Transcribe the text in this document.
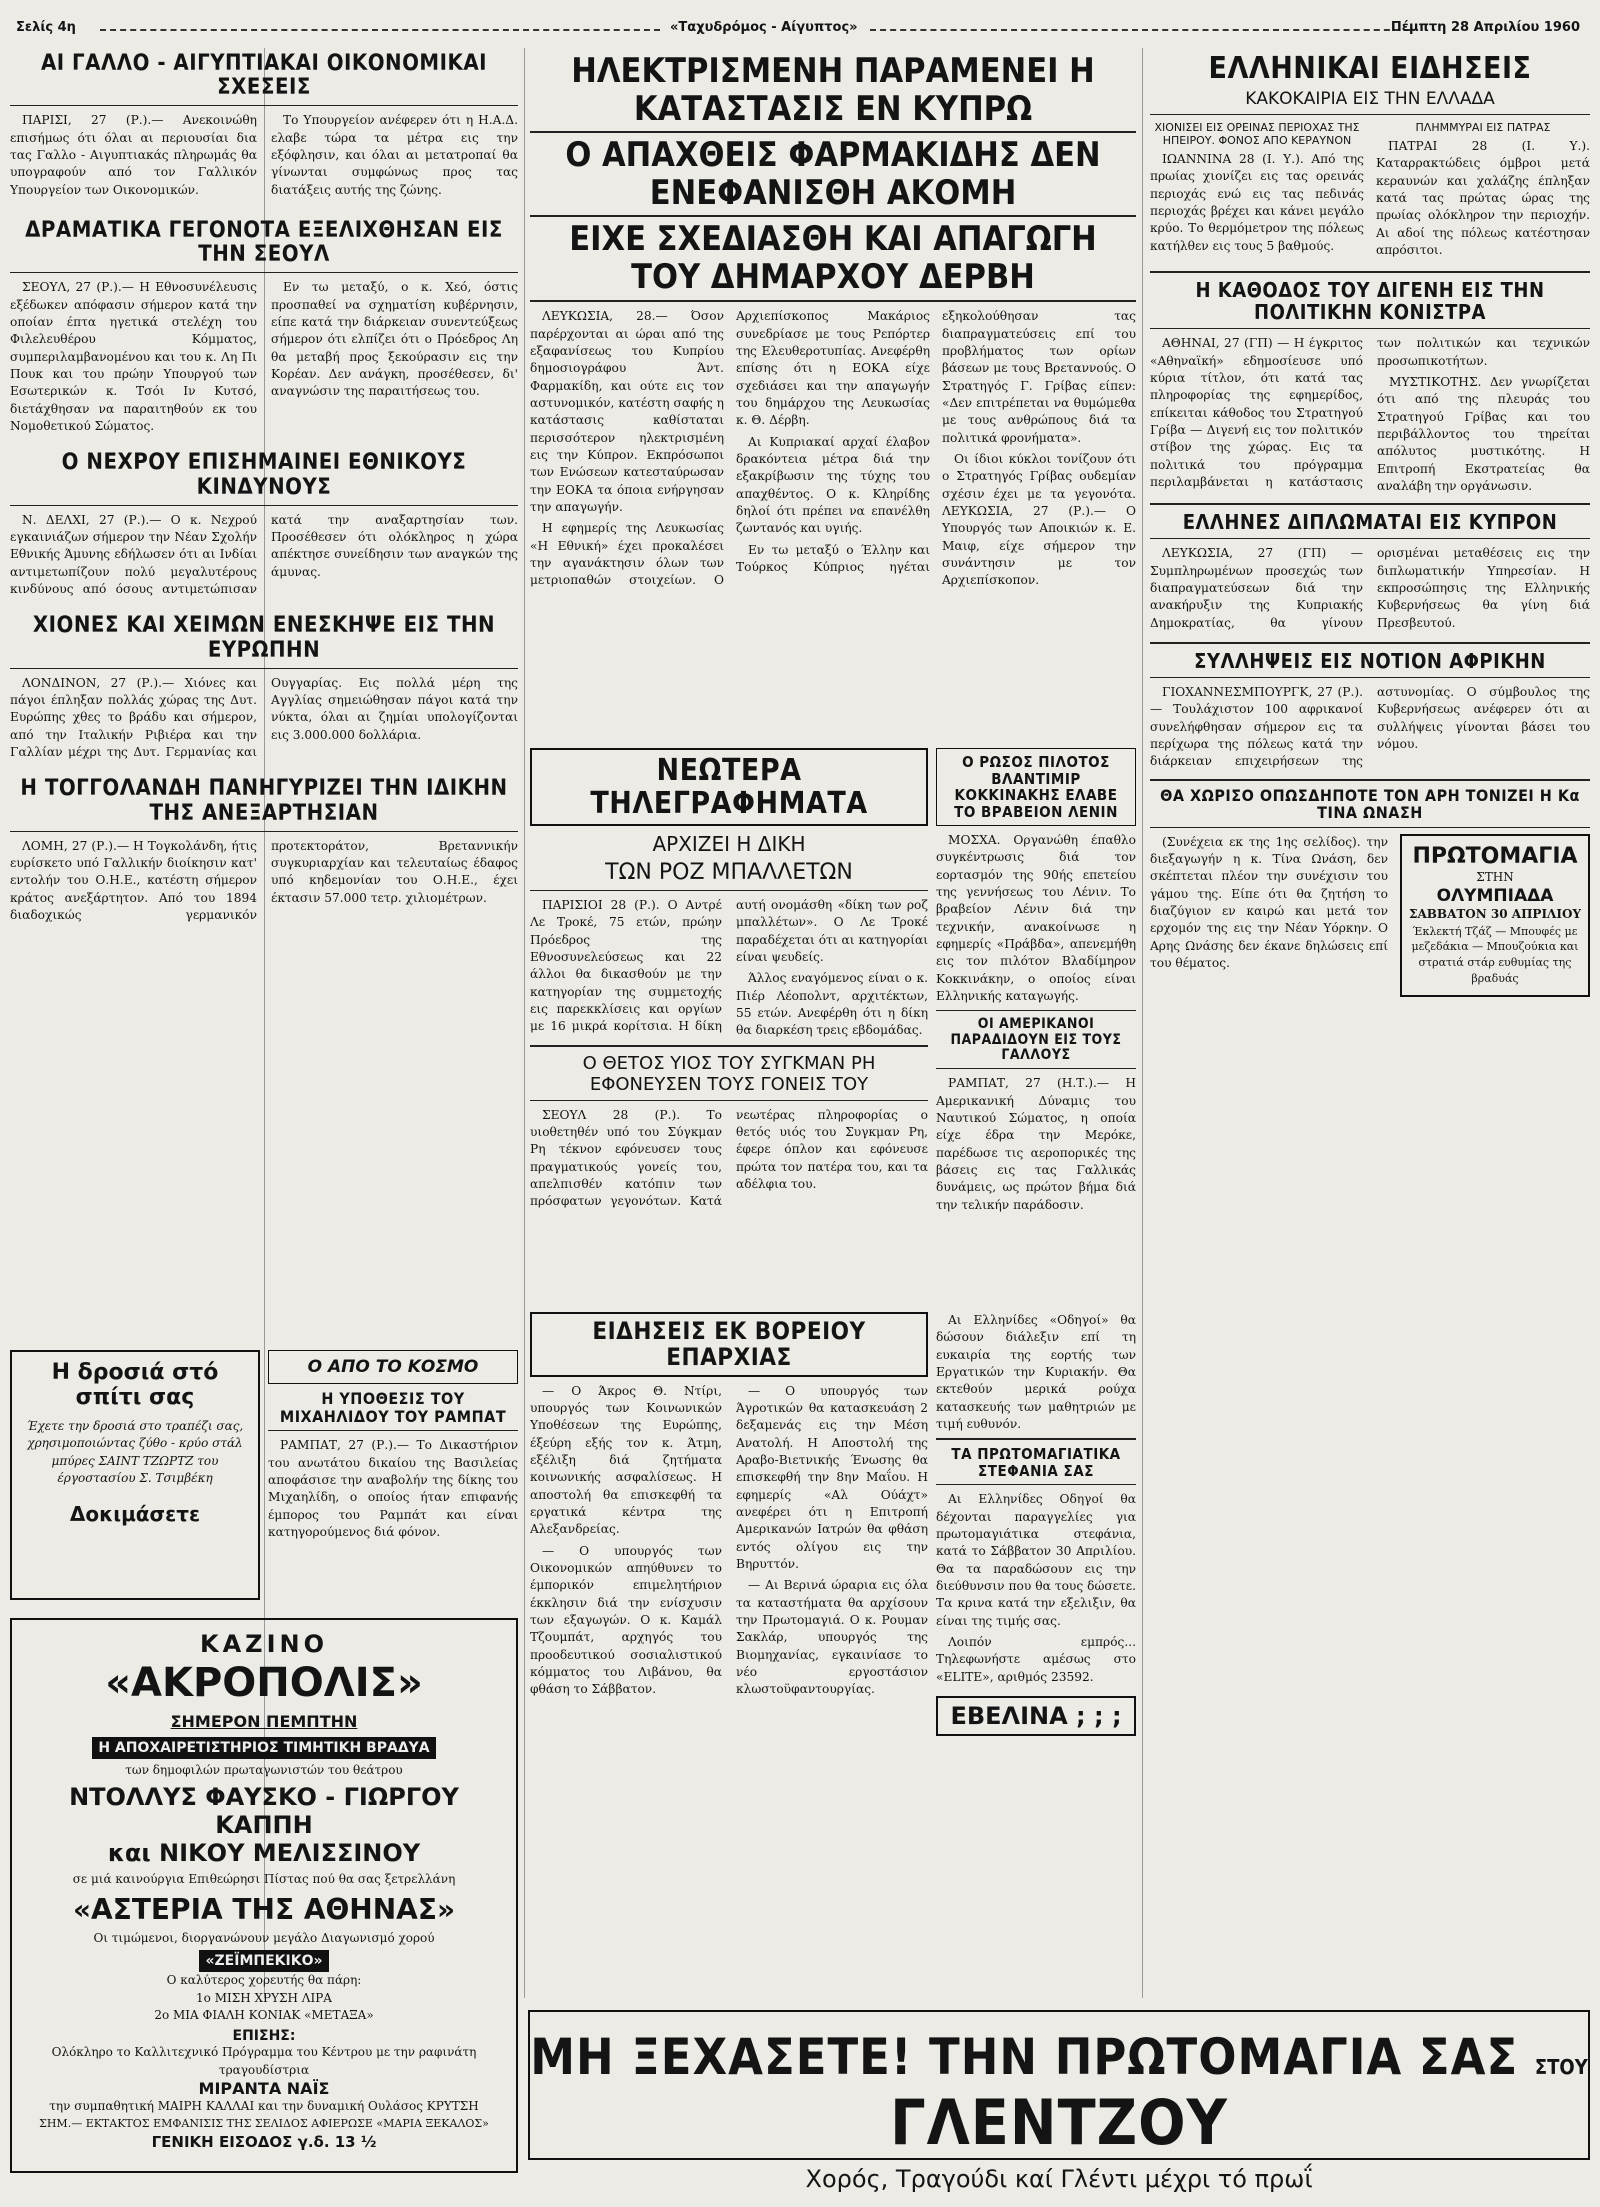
Σελίς 4η	«Ταχυδρόμος - Αίγυπτος»	Πέμπτη 28 Απριλίου 1960
ΑΙ ΓΑΛΛΟ - ΑΙΓΥΠΤΙΑΚΑΙ ΟΙΚΟΝΟΜΙΚΑΙ ΣΧΕΣΕΙΣ

ΠΑΡΙΣΙ, 27 (Ρ.).— Ανεκοινώθη επισήμως ότι όλαι αι περιουσίαι δια τας Γαλλο - Αιγυπτιακάς πληρωμάς θα υπογραφούν από τον Γαλλικόν Υπουργείον των Οικονομικών.

Το Υπουργείον ανέφερεν ότι η Η.Α.Δ. ελαβε τώρα τα μέτρα εις την εξόφλησιν, και όλαι αι μετατροπαί θα γίνωνται συμφώνως προς τας διατάξεις αυτής της ζώνης.

ΔΡΑΜΑΤΙΚΑ ΓΕΓΟΝΟΤΑ ΕΞΕΛΙΧΘΗΣΑΝ ΕΙΣ ΤΗΝ ΣΕΟΥΛ

ΣΕΟΥΛ, 27 (Ρ.).— Η Εθνοσυνέλευσις εξέδωκεν απόφασιν σήμερον κατά την οποίαν έπτα ηγετικά στελέχη του Φιλελευθέρου Κόμματος, συμπεριλαμβανομένου και του κ. Λη Πι Πουκ και του πρώην Υπουργού των Εσωτερικών κ. Τσόι Ιν Κυτσό, διετάχθησαν να παραιτηθούν εκ του Νομοθετικού Σώματος.

Εν τω μεταξύ, ο κ. Χεό, όστις προσπαθεί να σχηματίση κυβέρνησιν, είπε κατά την διάρκειαν συνεντεύξεως σήμερον ότι ελπίζει ότι ο Πρόεδρος Λη θα μεταβή προς ξεκούρασιν εις την Κορέαν. Δεν ανάγκη, προσέθεσεν, δι' αναγνώσιν της παραιτήσεως του.

Ο ΝΕΧΡΟΥ ΕΠΙΣΗΜΑΙΝΕΙ ΕΘΝΙΚΟΥΣ ΚΙΝΔΥΝΟΥΣ

Ν. ΔΕΛΧΙ, 27 (Ρ.).— Ο κ. Νεχρού εγκαινιάζων σήμερον την Νέαν Σχολήν Εθνικής Άμυνης εδήλωσεν ότι αι Ινδίαι αντιμετωπίζουν πολύ μεγαλυτέρους κινδύνους από όσους αντιμετώπισαν κατά την αναξαρτησίαν των. Προσέθεσεν ότι ολόκληρος η χώρα απέκτησε συνείδησιν των αναγκών της άμυνας.

ΧΙΟΝΕΣ ΚΑΙ ΧΕΙΜΩΝ ΕΝΕΣΚΗΨΕ ΕΙΣ ΤΗΝ ΕΥΡΩΠΗΝ

ΛΟΝΔΙΝΟΝ, 27 (Ρ.).— Χιόνες και πάγοι έπληξαν πολλάς χώρας της Δυτ. Ευρώπης χθες το βράδυ και σήμερον, από την Ιταλικήν Ριβιέρα και την Γαλλίαν μέχρι της Δυτ. Γερμανίας και Ουγγαρίας. Εις πολλά μέρη της Αγγλίας σημειώθησαν πάγοι κατά την νύκτα, όλαι αι ζημίαι υπολογίζονται εις 3.000.000 δολλάρια.

Η ΤΟΓΓΟΛΑΝΔΗ ΠΑΝΗΓΥΡΙΖΕΙ ΤΗΝ ΙΔΙΚΗΝ ΤΗΣ ΑΝΕΞΑΡΤΗΣΙΑΝ

ΛΟΜΗ, 27 (Ρ.).— Η Τογκολάνδη, ήτις ευρίσκετο υπό Γαλλικήν διοίκησιν κατ' εντολήν του Ο.Η.Ε., κατέστη σήμερον κράτος ανεξάρτητον. Από του 1894 διαδοχικώς γερμανικόν προτεκτοράτον, Βρεταννικήν συγκυριαρχίαν και τελευταίως έδαφος υπό κηδεμονίαν του Ο.Η.Ε., έχει έκτασιν 57.000 τετρ. χιλιομέτρων.

Η δροσιά στό σπίτι σας
Έχετε την δροσιά στο τραπέζι σας, χρησιμοποιώντας ζύθο - κρύο στάλ μπύρες ΣΑΙΝΤ ΤΖΩΡΤΖ του έργοστασίου Σ. Τσιμβέκη
Δοκιμάσετε
Ο ΑΠΟ ΤΟ ΚΟΣΜΟ
Η ΥΠΟΘΕΣΙΣ ΤΟΥ ΜΙΧΑΗΛΙΔΟΥ ΤΟΥ ΡΑΜΠΑΤ

ΡΑΜΠΑΤ, 27 (Ρ.).— Το Δικαστήριον του ανωτάτου δικαίου της Βασιλείας αποφάσισε την αναβολήν της δίκης του Μιχαηλίδη, ο οποίος ήταν επιφανής έμπορος του Ραμπάτ και είναι κατηγορούμενος διά φόνον.

ΚΑΖΙΝΟ
«ΑΚΡΟΠΟΛΙΣ»
ΣΗΜΕΡΟΝ ΠΕΜΠΤΗΝ
Η ΑΠΟΧΑΙΡΕΤΙΣΤΗΡΙΟΣ ΤΙΜΗΤΙΚΗ ΒΡΑΔΥΑ
των δημοφιλών πρωταγωνιστών του θεάτρου
ΝΤΟΛΛΥΣ ΦΑΥΣΚΟ - ΓΙΩΡΓΟΥ ΚΑΠΠΗ
και ΝΙΚΟΥ ΜΕΛΙΣΣΙΝΟΥ
σε μιά καινούργια Επιθεώρησι Πίστας πού θα σας ξετρελλάνη
«ΑΣΤΕΡΙΑ ΤΗΣ ΑΘΗΝΑΣ»
Οι τιμώμενοι, διοργανώνουν μεγάλο Διαγωνισμό χορού
«ΖΕΪΜΠΕΚΙΚΟ»
Ο καλύτερος χορευτής θα πάρη:
1ο ΜΙΣΗ ΧΡΥΣΗ ΛΙΡΑ
2ο ΜΙΑ ΦΙΑΛΗ ΚΟΝΙΑΚ «ΜΕΤΑΞΑ»
ΕΠΙΣΗΣ:
Ολόκληρο το Καλλιτεχνικό Πρόγραμμα του Κέντρου με την ραφινάτη τραγουδίστρια
ΜΙΡΑΝΤΑ ΝΑΪΣ
την συμπαθητική ΜΑΙΡΗ ΚΑΛΛΑΙ και την δυναμική Ουλάσος ΚΡΥΤΣΗ
ΣΗΜ.— ΕΚΤΑΚΤΟΣ ΕΜΦΑΝΙΣΙΣ ΤΗΣ ΣΕΛΙΔΟΣ ΑΦΙΕΡΩΣΕ «ΜΑΡΙΑ ΞΕΚΑΛΟΣ»
ΓΕΝΙΚΗ ΕΙΣΟΔΟΣ γ.δ. 13 ½
ΗΛΕΚΤΡΙΣΜΕΝΗ ΠΑΡΑΜΕΝΕΙ Η ΚΑΤΑΣΤΑΣΙΣ ΕΝ ΚΥΠΡΩ
Ο ΑΠΑΧΘΕΙΣ ΦΑΡΜΑΚΙΔΗΣ ΔΕΝ ΕΝΕΦΑΝΙΣΘΗ ΑΚΟΜΗ
ΕΙΧΕ ΣΧΕΔΙΑΣΘΗ ΚΑΙ ΑΠΑΓΩΓΗ ΤΟΥ ΔΗΜΑΡΧΟΥ ΔΕΡΒΗ

ΛΕΥΚΩΣΙΑ, 28.— Όσον παρέρχονται αι ώραι από της εξαφανίσεως του Κυπρίου δημοσιογράφου Άντ. Φαρμακίδη, και ούτε εις τον αστυνομικόν, κατέστη σαφής η κατάστασις καθίσταται περισσότερον ηλεκτρισμένη εις την Κύπρον. Εκπρόσωποι των Ενώσεων κατεσταύρωσαν την ΕΟΚΑ τα όποια ενήργησαν την απαγωγήν.

Η εφημερίς της Λευκωσίας «Η Εθνική» έχει προκαλέσει την αγανάκτησιν όλων των μετριοπαθών στοιχείων. Ο Αρχιεπίσκοπος Μακάριος συνεδρίασε με τους Ρεπόρτερ της Ελευθεροτυπίας. Ανεφέρθη επίσης ότι η ΕΟΚΑ είχε σχεδιάσει και την απαγωγήν του δημάρχου της Λευκωσίας κ. Θ. Δέρβη.

Αι Κυπριακαί αρχαί έλαβον δρακόντεια μέτρα διά την εξακρίβωσιν της τύχης του απαχθέντος. Ο κ. Κληρίδης δηλοί ότι πρέπει να επανέλθη ζωντανός και υγιής.

Εν τω μεταξύ ο Έλλην και Τούρκος Κύπριος ηγέται εξηκολούθησαν τας διαπραγματεύσεις επί του προβλήματος των ορίων βάσεων με τους Βρεταννούς. Ο Στρατηγός Γ. Γρίβας είπεν: «Δεν επιτρέπεται να θυμώμεθα με τους ανθρώπους διά τα πολιτικά φρονήματα».

Οι ίδιοι κύκλοι τονίζουν ότι ο Στρατηγός Γρίβας ουδεμίαν σχέσιν έχει με τα γεγονότα. ΛΕΥΚΩΣΙΑ, 27 (Ρ.).— Ο Υπουργός των Αποικιών κ. Ε. Μαιφ, είχε σήμερον την συνάντησιν με τον Αρχιεπίσκοπον.

ΝΕΩΤΕΡΑ ΤΗΛΕΓΡΑΦΗΜΑΤΑ
ΑΡΧΙΖΕΙ Η ΔΙΚΗ
ΤΩΝ ΡΟΖ ΜΠΑΛΛΕΤΩΝ

ΠΑΡΙΣΙΟΙ 28 (Ρ.). Ο Αντρέ Λε Τροκέ, 75 ετών, πρώην Πρόεδρος της Εθνοσυνελεύσεως και 22 άλλοι θα δικασθούν με την κατηγορίαν της συμμετοχής εις παρεκκλίσεις και οργίων με 16 μικρά κορίτσια. Η δίκη αυτή ονομάσθη «δίκη των ροζ μπαλλέτων». Ο Λε Τροκέ παραδέχεται ότι αι κατηγορίαι είναι ψευδείς.

Άλλος εναγόμενος είναι ο κ. Πιέρ Λέοπολντ, αρχιτέκτων, 55 ετών. Ανεφέρθη ότι η δίκη θα διαρκέση τρεις εβδομάδας.

Ο ΘΕΤΟΣ ΥΙΟΣ ΤΟΥ ΣΥΓΚΜΑΝ ΡΗ ΕΦΟΝΕΥΣΕΝ ΤΟΥΣ ΓΟΝΕΙΣ ΤΟΥ

ΣΕΟΥΛ 28 (Ρ.). Το υιοθετηθέν υπό του Σύγκμαν Ρη τέκνον εφόνευσεν τους πραγματικούς γονείς του, απελπισθέν κατόπιν των πρόσφατων γεγονότων. Κατά νεωτέρας πληροφορίας ο θετός υιός του Συγκμαν Ρη, έφερε όπλον και εφόνευσε πρώτα τον πατέρα του, και τα αδέλφια του.

Ο ΡΩΣΟΣ ΠΙΛΟΤΟΣ ΒΛΑΝΤΙΜΙΡ ΚΟΚΚΙΝΑΚΗΣ ΕΛΑΒΕ ΤΟ ΒΡΑΒΕΙΟΝ ΛΕΝΙΝ

ΜΟΣΧΑ. Οργανώθη έπαθλο συγκέντρωσις διά τον εορτασμόν της 90ής επετείου της γεννήσεως του Λένιν. Το βραβείον Λένιν διά την τεχνικήν, ανακοίνωσε η εφημερίς «Πράβδα», απενεμήθη εις τον πιλότον Βλαδίμηρον Κοκκινάκην, ο οποίος είναι Ελληνικής καταγωγής.

ΟΙ ΑΜΕΡΙΚΑΝΟΙ ΠΑΡΑΔΙΔΟΥΝ ΕΙΣ ΤΟΥΣ ΓΑΛΛΟΥΣ

ΡΑΜΠΑΤ, 27 (Η.Τ.).— Η Αμερικανική Δύναμις του Ναυτικού Σώματος, η οποία είχε έδρα την Μερόκε, παρέδωσε τις αεροπορικές της βάσεις εις τας Γαλλικάς δυνάμεις, ως πρώτον βήμα διά την τελικήν παράδοσιν.

ΕΙΔΗΣΕΙΣ ΕΚ ΒΟΡΕΙΟΥ ΕΠΑΡΧΙΑΣ

— Ο Άκρος Θ. Ντίρι, υπουργός των Κοινωνικών Υποθέσεων της Ευρώπης, έξεύρη εξής τον κ. Άτμη, εξέλιξη διά ζητήματα κοινωνικής ασφαλίσεως. Η αποστολή θα επισκεφθή τα εργατικά κέντρα της Αλεξανδρείας.

— Ο υπουργός των Οικονομικών απηύθυνεν το έμπορικόν επιμελητήριον έκκλησιν διά την ενίσχυσιν των εξαγωγών. Ο κ. Καμάλ Τζουμπάτ, αρχηγός του προοδευτικού σοσιαλιστικού κόμματος του Λιβάνου, θα φθάση το Σάββατον.

— Ο υπουργός των Άγροτικών θα κατασκευάση 2 δεξαμενάς εις την Μέση Ανατολή. Η Αποστολή της Αραβο-Βιετνικής Ένωσης θα επισκεφθή την 8ην Μαΐου. Η εφημερίς «Αλ Ούάχτ» ανεφέρει ότι η Επιτροπή Αμερικανών Ιατρών θα φθάση εντός ολίγου εις την Βηρυττόν.

— Αι Βερινά ώραρια εις όλα τα καταστήματα θα αρχίσουν την Πρωτομαγιά. Ο κ. Ρουμαν Σακλάρ, υπουργός της Βιομηχανίας, εγκαινίασε το νέο εργοστάσιον κλωστοϋφαντουργίας.

Αι Ελληνίδες «Οδηγοί» θα δώσουν διάλεξιν επί τη ευκαιρία της εορτής των Εργατικών την Κυριακήν. Θα εκτεθούν μερικά ρούχα κατασκευής των μαθητριών με τιμή ευθυνόν.

ΤΑ ΠΡΩΤΟΜΑΓΙΑΤΙΚΑ ΣΤΕΦΑΝΙΑ ΣΑΣ

Αι Ελληνίδες Οδηγοί θα δέχονται παραγγελίες για πρωτομαγιάτικα στεφάνια, κατά το Σάββατον 30 Απριλίου. Θα τα παραδώσουν εις την διεύθυνσιν που θα τους δώσετε. Τα κρινα κατά την εξελιξιν, θα είναι της τιμής σας.

Λοιπόν εμπρός... Τηλεφωνήστε αμέσως στο «ELITE», αριθμός 23592.

ΕΒΕΛΙΝΑ ; ; ;
ΕΛΛΗΝΙΚΑΙ ΕΙΔΗΣΕΙΣ
ΚΑΚΟΚΑΙΡΙΑ ΕΙΣ ΤΗΝ ΕΛΛΑΔΑ
ΧΙΟΝΙΣΕΙ ΕΙΣ ΟΡΕΙΝΑΣ ΠΕΡΙΟΧΑΣ ΤΗΣ ΗΠΕΙΡΟΥ. ΦΟΝΟΣ ΑΠΟ ΚΕΡΑΥΝΟΝ

ΙΩΑΝΝΙΝΑ 28 (Ι. Υ.). Από της πρωίας χιονίζει εις τας ορεινάς περιοχάς ενώ εις τας πεδινάς περιοχάς βρέχει και κάνει μεγάλο κρύο. Το θερμόμετρον της πόλεως κατήλθεν εις τους 5 βαθμούς.

ΠΛΗΜΜΥΡΑΙ ΕΙΣ ΠΑΤΡΑΣ

ΠΑΤΡΑΙ 28 (Ι. Υ.). Καταρρακτώδεις όμβροι μετά κεραυνών και χαλάζης έπληξαν κατά τας πρώτας ώρας της πρωίας ολόκληρον την περιοχήν. Αι αδοί της πόλεως κατέστησαν απρόσιτοι.

Η ΚΑΘΟΔΟΣ ΤΟΥ ΔΙΓΕΝΗ ΕΙΣ ΤΗΝ ΠΟΛΙΤΙΚΗΝ ΚΟΝΙΣΤΡΑ

ΑΘΗΝΑΙ, 27 (ΓΠ) — Η έγκριτος «Αθηναϊκή» εδημοσίευσε υπό κύρια τίτλον, ότι κατά τας πληροφορίας της εφημερίδος, επίκειται κάθοδος του Στρατηγού Γρίβα — Διγενή εις τον πολιτικόν στίβον της χώρας. Εις τα πολιτικά του πρόγραμμα περιλαμβάνεται η κατάστασις των πολιτικών και τεχνικών προσωπικοτήτων.

ΜΥΣΤΙΚΟΤΗΣ. Δεν γνωρίζεται ότι από της πλευράς του Στρατηγού Γρίβας και του περιβάλλοντος του τηρείται απόλυτος μυστικότης. Η Επιτροπή Εκστρατείας θα αναλάβη την οργάνωσιν.

ΕΛΛΗΝΕΣ ΔΙΠΛΩΜΑΤΑΙ ΕΙΣ ΚΥΠΡΟΝ

ΛΕΥΚΩΣΙΑ, 27 (ΓΠ) — Συμπληρωμένων προσεχώς των διαπραγματεύσεων διά την ανακήρυξιν της Κυπριακής Δημοκρατίας, θα γίνουν ορισμέναι μεταθέσεις εις την διπλωματικήν Υπηρεσίαν. Η εκπροσώπησις της Ελληνικής Κυβερνήσεως θα γίνη διά Πρεσβευτού.

ΣΥΛΛΗΨΕΙΣ ΕΙΣ ΝΟΤΙΟΝ ΑΦΡΙΚΗΝ

ΓΙΟΧΑΝΝΕΣΜΠΟΥΡΓΚ, 27 (Ρ.).— Τουλάχιστον 100 αφρικανοί συνελήφθησαν σήμερον εις τα περίχωρα της πόλεως κατά την διάρκειαν επιχειρήσεων της αστυνομίας. Ο σύμβουλος της Κυβερνήσεως ανέφερεν ότι αι συλλήψεις γίνονται βάσει του νόμου.

ΘΑ ΧΩΡΙΣΟ ΟΠΩΣΔΗΠΟΤΕ ΤΟΝ ΑΡΗ ΤΟΝΙΖΕΙ Η Κα ΤΙΝΑ ΩΝΑΣΗ

(Συνέχεια εκ της 1ης σελίδος). την διεξαγωγήν η κ. Τίνα Ωνάση, δεν σκέπτεται πλέον την συνέχισιν του γάμου της. Είπε ότι θα ζητήση το διαζύγιον εν καιρώ και μετά τον ερχομόν της εις την Νέαν Υόρκην. Ο Αρης Ωνάσης δεν έκανε δηλώσεις επί του θέματος.

ΠΡΩΤΟΜΑΓΙΑ
ΣΤΗΝ
ΟΛΥΜΠΙΑΔΑ
ΣΑΒΒΑΤΟΝ 30 ΑΠΡΙΛΙΟΥ
Έκλεκτή Τζάζ — Μπουφές με μεζεδάκια — Μπουζούκια και στρατιά στάρ ευθυμίας της βραδυάς
ΜΗ ΞΕΧΑΣΕΤΕ! ΤΗΝ ΠΡΩΤΟΜΑΓΙΑ ΣΑΣ ΣΤΟΥ ΓΛΕΝΤΖΟΥ
Χορός, Τραγούδι καί Γλέντι μέχρι τό πρωΐ
